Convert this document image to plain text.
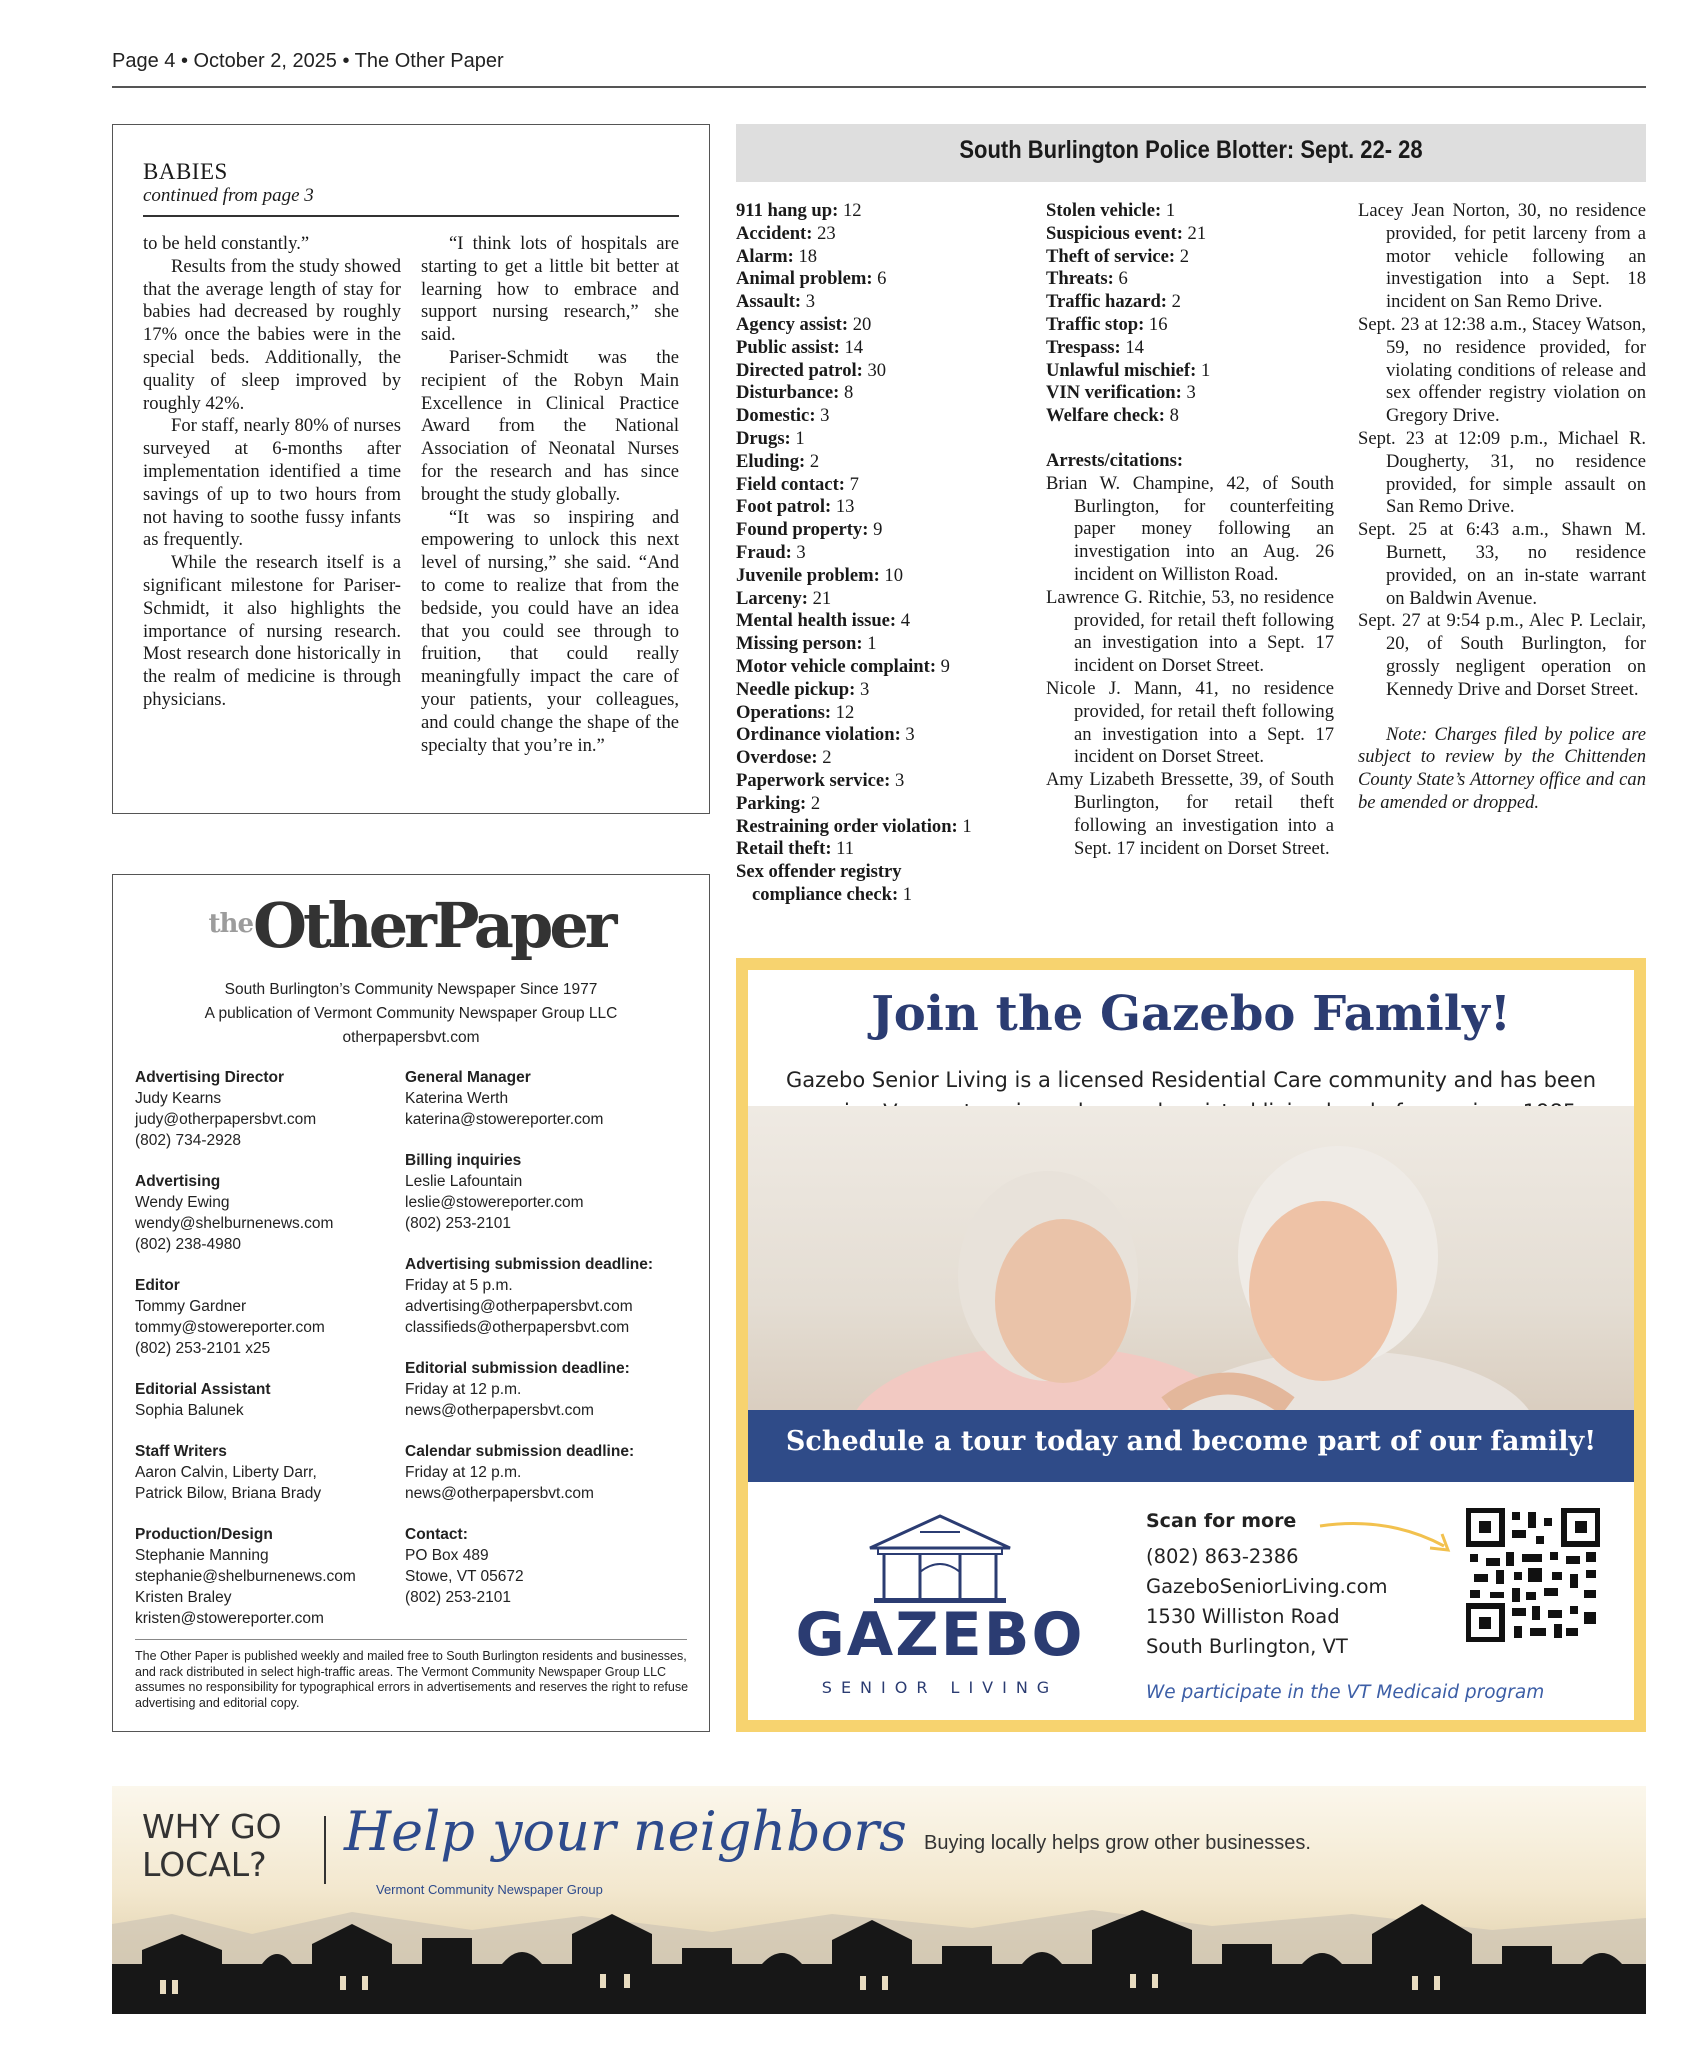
Page 4 • October 2, 2025 • The Other Paper
BABIES
continued from page 3

to be held constantly.”

Results from the study showed that the average length of stay for babies had decreased by roughly 17% once the babies were in the special beds. Additionally, the quality of sleep improved by roughly 42%.

For staff, nearly 80% of nurses surveyed at 6-months after implementation identified a time savings of up to two hours from not having to soothe fussy infants as frequently.

While the research itself is a significant milestone for Pariser-Schmidt, it also highlights the importance of nursing research. Most research done historically in the realm of medicine is through physicians.

“I think lots of hospitals are starting to get a little bit better at learning how to embrace and support nursing research,” she said.

Pariser-Schmidt was the recipient of the Robyn Main Excellence in Clinical Practice Award from the National Association of Neonatal Nurses for the research and has since brought the study globally.

“It was so inspiring and empowering to unlock this next level of nursing,” she said. “And to come to realize that from the bedside, you could have an idea that you could see through to fruition, that could really meaningfully impact the care of your patients, your colleagues, and could change the shape of the specialty that you’re in.”

South Burlington Police Blotter: Sept. 22- 28
911 hang up: 12
Accident: 23
Alarm: 18
Animal problem: 6
Assault: 3
Agency assist: 20
Public assist: 14
Directed patrol: 30
Disturbance: 8
Domestic: 3
Drugs: 1
Eluding: 2
Field contact: 7
Foot patrol: 13
Found property: 9
Fraud: 3
Juvenile problem: 10
Larceny: 21
Mental health issue: 4
Missing person: 1
Motor vehicle complaint: 9
Needle pickup: 3
Operations: 12
Ordinance violation: 3
Overdose: 2
Paperwork service: 3
Parking: 2
Restraining order violation: 1
Retail theft: 11
Sex offender registry
compliance check: 1
Stolen vehicle: 1
Suspicious event: 21
Theft of service: 2
Threats: 6
Traffic hazard: 2
Traffic stop: 16
Trespass: 14
Unlawful mischief: 1
VIN verification: 3
Welfare check: 8
Arrests/citations:

Brian W. Champine, 42, of South Burlington, for counterfeiting paper money following an investigation into an Aug. 26 incident on Williston Road.

Lawrence G. Ritchie, 53, no residence provided, for retail theft following an investigation into a Sept. 17 incident on Dorset Street.

Nicole J. Mann, 41, no residence provided, for retail theft following an investigation into a Sept. 17 incident on Dorset Street.

Amy Lizabeth Bressette, 39, of South Burlington, for retail theft following an investigation into a Sept. 17 incident on Dorset Street.

Lacey Jean Norton, 30, no residence provided, for petit larceny from a motor vehicle following an investigation into a Sept. 18 incident on San Remo Drive.

Sept. 23 at 12:38 a.m., Stacey Watson, 59, no residence provided, for violating conditions of release and sex offender registry violation on Gregory Drive.

Sept. 23 at 12:09 p.m., Michael R. Dougherty, 31, no residence provided, for simple assault on San Remo Drive.

Sept. 25 at 6:43 a.m., Shawn M. Burnett, 33, no residence provided, on an in-state warrant on Baldwin Avenue.

Sept. 27 at 9:54 p.m., Alec P. Leclair, 20, of South Burlington, for grossly negligent operation on Kennedy Drive and Dorset Street.

Note: Charges filed by police are subject to review by the Chittenden County State’s Attorney office and can be amended or dropped.
theOtherPaper
South Burlington’s Community Newspaper Since 1977
A publication of Vermont Community Newspaper Group LLC
otherpapersbvt.com
Advertising Director
Judy Kearns
judy@otherpapersbvt.com
(802) 734-2928
Advertising
Wendy Ewing
wendy@shelburnenews.com
(802) 238-4980
Editor
Tommy Gardner
tommy@stowereporter.com
(802) 253-2101 x25
Editorial Assistant
Sophia Balunek
Staff Writers
Aaron Calvin, Liberty Darr,
Patrick Bilow, Briana Brady
Production/Design
Stephanie Manning
stephanie@shelburnenews.com
Kristen Braley
kristen@stowereporter.com
General Manager
Katerina Werth
katerina@stowereporter.com
Billing inquiries
Leslie Lafountain
leslie@stowereporter.com
(802) 253-2101
Advertising submission deadline:
Friday at 5 p.m.
advertising@otherpapersbvt.com
classifieds@otherpapersbvt.com
Editorial submission deadline:
Friday at 12 p.m.
news@otherpapersbvt.com
Calendar submission deadline:
Friday at 12 p.m.
news@otherpapersbvt.com
Contact:
PO Box 489
Stowe, VT 05672
(802) 253-2101
The Other Paper is published weekly and mailed free to South Burlington residents and businesses, and rack distributed in select high-traffic areas. The Vermont Community Newspaper Group LLC assumes no responsibility for typographical errors in advertisements and reserves the right to refuse advertising and editorial copy.
Join the Gazebo Family!
Gazebo Senior Living is a licensed Residential Care community and has been
Schedule a tour today and become part of our family!
GAZEBO
SENIOR LIVING
Scan for more
(802) 863-2386
GazeboSeniorLiving.com
1530 Williston Road
South Burlington, VT
We participate in the VT Medicaid program
WHY GO
LOCAL?
Help your neighbors
Vermont Community Newspaper Group
Buying locally helps grow other businesses.
